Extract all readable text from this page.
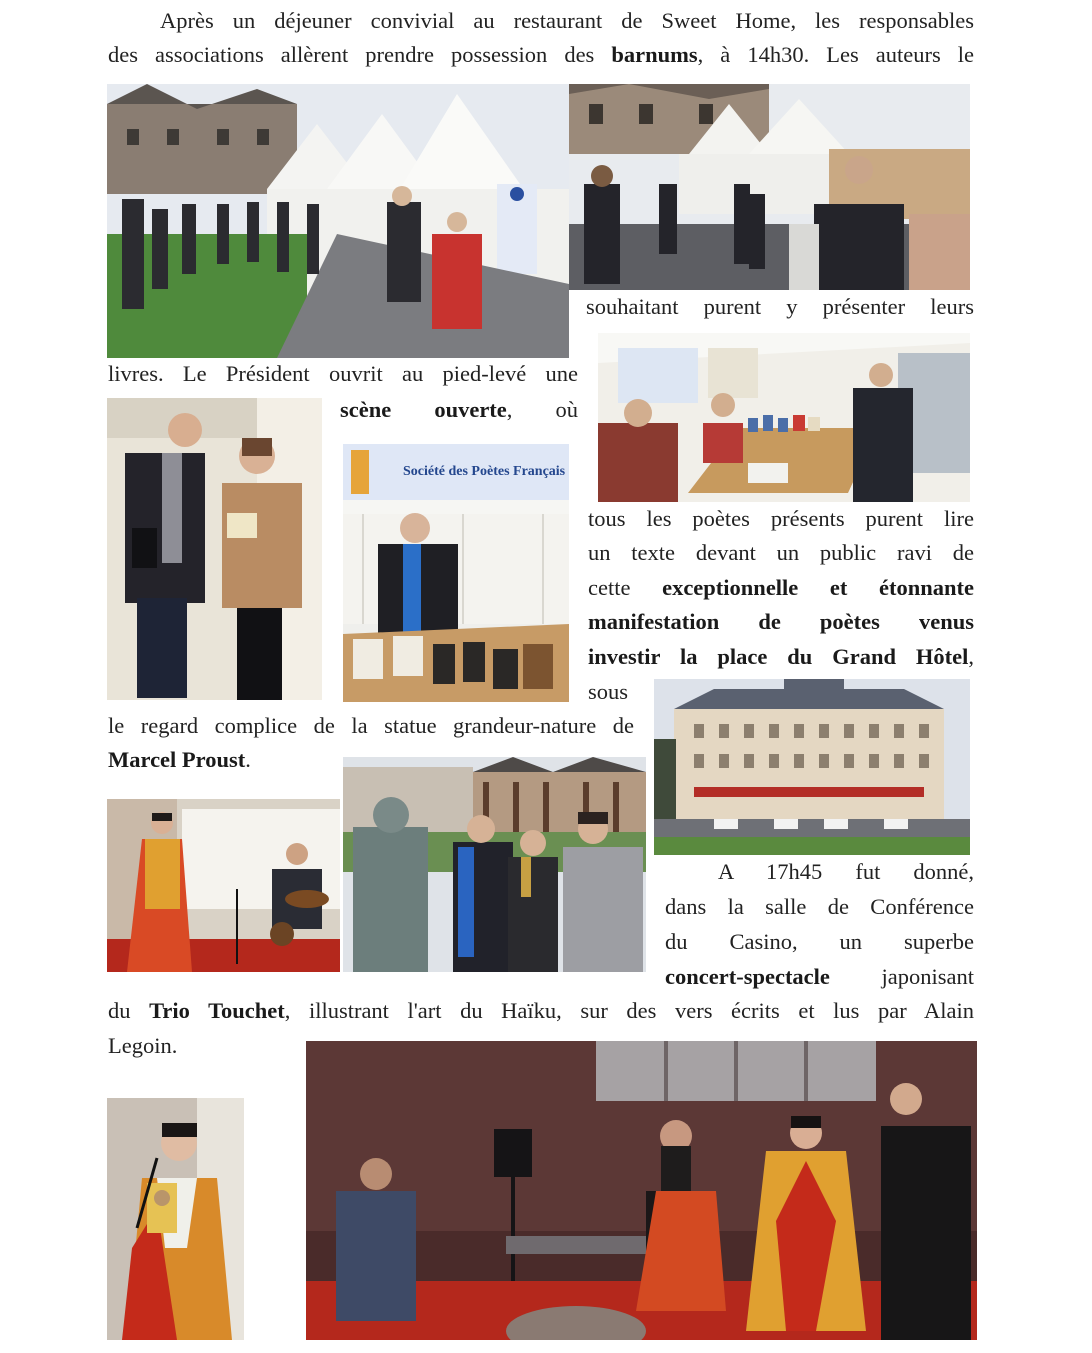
Après un déjeuner convivial au restaurant de Sweet Home, les responsables
des associations allèrent prendre possession des barnums, à 14h30. Les auteurs le
souhaitant purent y présenter leurs
livres. Le Président ouvrit au pied-levé une
scène ouverte, où
tous les poètes présents purent lire
un texte devant un public ravi de
cette exceptionnelle et étonnante
manifestation de poètes venus
investir la place du Grand Hôtel,
sous
le regard complice de la statue grandeur-nature de
Marcel Proust.
A 17h45 fut donné,
dans la salle de Conférence
du Casino, un superbe
concert-spectacle japonisant
du Trio Touchet, illustrant l'art du Haïku, sur des vers écrits et lus par Alain
Legoin.
Société des Poètes Français
